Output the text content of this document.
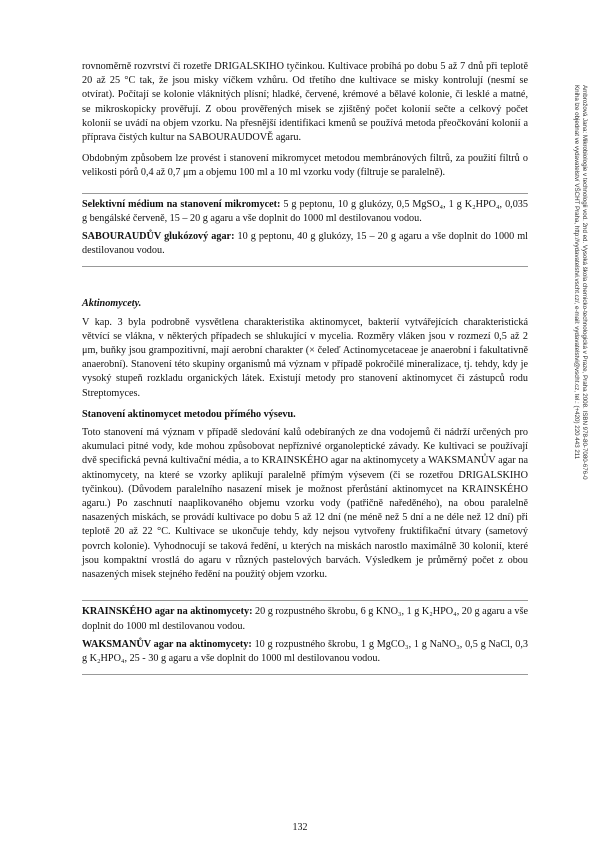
rovnoměrně rozvrství či rozetře DRIGALSKIHO tyčinkou. Kultivace probíhá po dobu 5 až 7 dnů při teplotě 20 až 25 °C tak, že jsou misky víčkem vzhůru. Od třetího dne kultivace se misky kontrolují (nesmí se otvírat). Počítají se kolonie vláknitých plísní; hladké, červené, krémové a bělavé kolonie, či lesklé a matné, se mikroskopicky prověřují. Z obou prověřených misek se zjištěný počet kolonií sečte a celkový počet kolonií se uvádí na objem vzorku. Na přesnější identifikaci kmenů se používá metoda přeočkování kolonií a příprava čistých kultur na SABOURAUDOVĚ agaru.

Obdobným způsobem lze provést i stanovení mikromycet metodou membránových filtrů, za použití filtrů o velikosti pórů 0,4 až 0,7 μm a objemu 100 ml a 10 ml vzorku vody (filtruje se paralelně).

Selektivní médium na stanovení mikromycet: 5 g peptonu, 10 g glukózy, 0,5 MgSO₄, 1 g K₂HPO₄, 0,035 g bengálské červeně, 15 – 20 g agaru a vše doplnit do 1000 ml destilovanou vodou.

SABOURAUDŮV glukózový agar: 10 g peptonu, 40 g glukózy, 15 – 20 g agaru a vše doplnit do 1000 ml destilovanou vodou.

Aktinomycety.

V kap. 3 byla podrobně vysvětlena charakteristika aktinomycet, bakterií vytvářejících charakteristická větvící se vlákna, v některých případech se shlukující v mycelia. Rozměry vláken jsou v rozmezí 0,5 až 2 μm, buňky jsou grampozitivní, mají aerobní charakter (× čeleď Actinomycetaceae je anaerobní i fakultativně anaerobní). Stanovení této skupiny organismů má význam v případě pokročilé mineralizace, tj. tehdy, kdy je vysoký stupeň rozkladu organických látek. Existují metody pro stanovení aktinomycet či zástupců rodu Streptomyces.

Stanovení aktinomycet metodou přímého výsevu.

Toto stanovení má význam v případě sledování kalů odebíraných ze dna vodojemů či nádrží určených pro akumulaci pitné vody, kde mohou způsobovat nepříznivé organoleptické závady. Ke kultivaci se používají dvě specifická pevná kultivační média, a to KRAINSKÉHO agar na aktinomycety a WAKSMANŮV agar na aktinomycety, na které se vzorky aplikují paralelně přímým výsevem (či se rozetřou DRIGALSKIHO tyčinkou). (Důvodem paralelního nasazení misek je možnost přerůstání aktinomycet na KRAINSKÉHO agaru.) Po zaschnutí naaplikovaného objemu vzorku vody (patřičně naředěného), na obou paralelně nasazených miskách, se provádí kultivace po dobu 5 až 12 dní (ne méně než 5 dní a ne déle než 12 dní) při teplotě 20 až 22 °C. Kultivace se ukončuje tehdy, kdy nejsou vytvořeny fruktifikační útvary (sametový povrch kolonie). Vyhodnocují se taková ředění, u kterých na miskách narostlo maximálně 30 kolonií, které jsou kompaktní vrostlá do agaru v různých pastelových barvách. Výsledkem je průměrný počet z obou nasazených misek stejného ředění na použitý objem vzorku.

KRAINSKÉHO agar na aktinomycety: 20 g rozpustného škrobu, 6 g KNO₃, 1 g K₂HPO₄, 20 g agaru a vše doplnit do 1000 ml destilovanou vodou.

WAKSMANŮV agar na aktinomycety: 10 g rozpustného škrobu, 1 g MgCO₃, 1 g NaNO₃, 0,5 g NaCl, 0,3 g K₂HPO₄, 25 - 30 g agaru a vše doplnit do 1000 ml destilovanou vodou.

Ambrožová Jana: Mikrobiologie v technologii vod. 2nd ed. Vysoká škola chemicko-technologická v Praze, Praha 2008. ISBN 978-80-7080-676-0
Kniha lze objednat ve vydavatelství VŠCHT Praha, http://vydavatelstvi.vscht.cz/, e-mail: vydavatelstvi@vscht.cz, tel.: (+420) 220 443 211
132
